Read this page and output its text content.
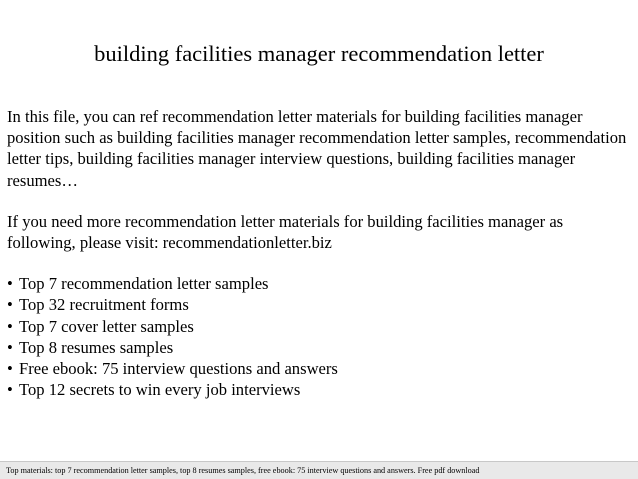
building facilities manager recommendation letter

In this file, you can ref recommendation letter materials for building facilities manager position such as building facilities manager recommendation letter samples, recommendation letter tips, building facilities manager interview questions, building facilities manager resumes…

If you need more recommendation letter materials for building facilities manager as following, please visit: recommendationletter.biz

• Top 7 recommendation letter samples
• Top 32 recruitment forms
• Top 7 cover letter samples
• Top 8 resumes samples
• Free ebook: 75 interview questions and answers
• Top 12 secrets to win every job interviews
Top materials: top 7 recommendation letter samples, top 8 resumes samples, free ebook: 75 interview questions and answers. Free pdf download
